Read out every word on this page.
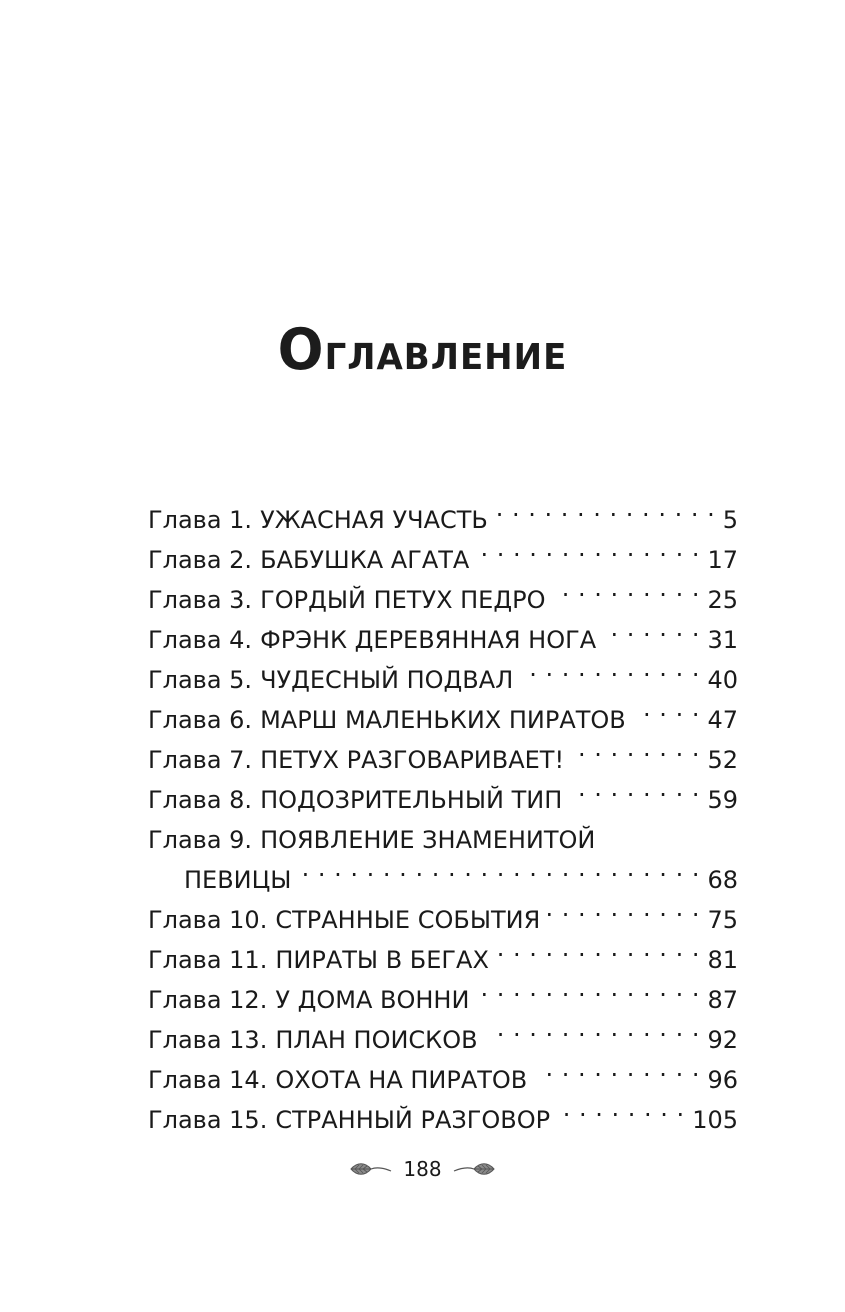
Оглавление
Глава 1. УЖАСНАЯ УЧАСТЬ . . .	5
Глава 2. БАБУШКА АГАТА . . .	17
Глава 3. ГОРДЫЙ ПЕТУХ ПЕДРО . . .	25
Глава 4. ФРЭНК ДЕРЕВЯННАЯ НОГА . . .	31
Глава 5. ЧУДЕСНЫЙ ПОДВАЛ . . .	40
Глава 6. МАРШ МАЛЕНЬКИХ ПИРАТОВ . . .	47
Глава 7. ПЕТУХ РАЗГОВАРИВАЕТ! . . .	52
Глава 8. ПОДОЗРИТЕЛЬНЫЙ ТИП . . .	59
Глава 9. ПОЯВЛЕНИЕ ЗНАМЕНИТОЙ
ПЕВИЦЫ . . .	68
Глава 10. СТРАННЫЕ СОБЫТИЯ . . .	75
Глава 11. ПИРАТЫ В БЕГАХ . . .	81
Глава 12. У ДОМА ВОННИ . . .	87
Глава 13. ПЛАН ПОИСКОВ . . .	92
Глава 14. ОХОТА НА ПИРАТОВ . . .	96
Глава 15. СТРАННЫЙ РАЗГОВОР . . .	105
188
